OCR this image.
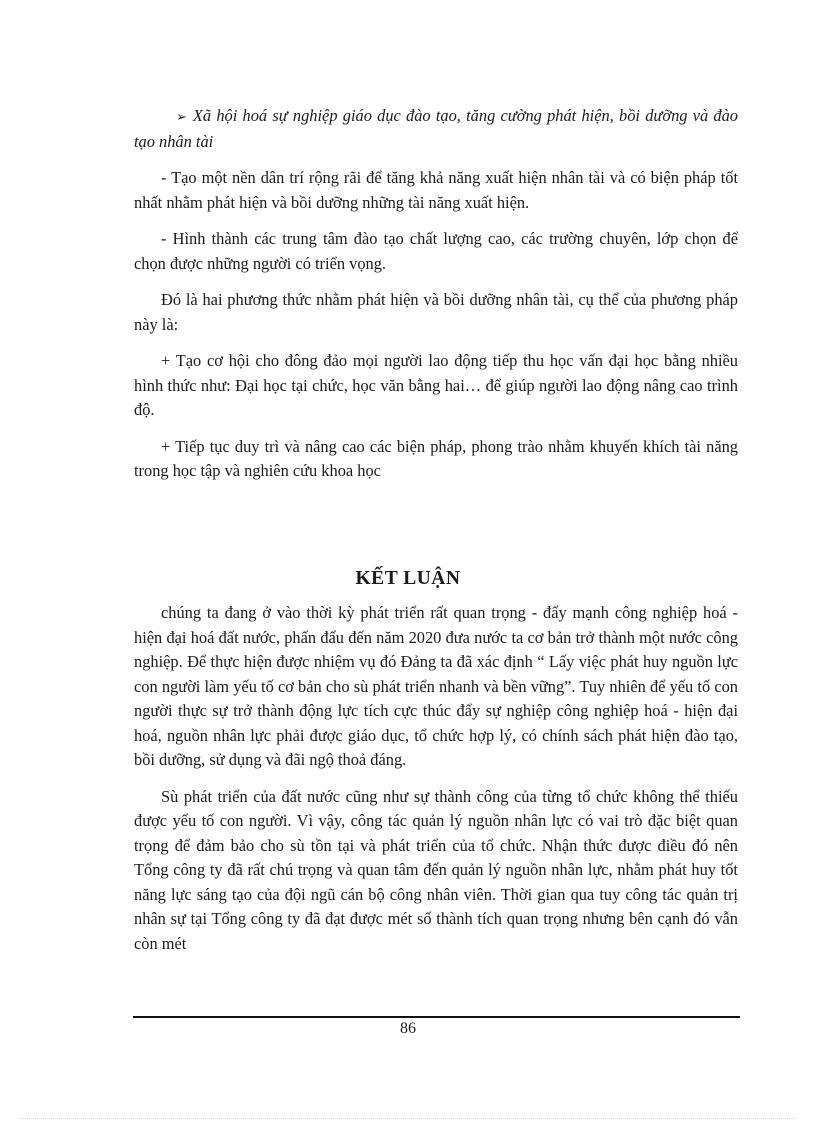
➢ Xã hội hoá sự nghiệp giáo dục đào tạo, tăng cường phát hiện, bồi dưỡng và đào tạo nhân tài

- Tạo một nền dân trí rộng rãi để tăng khả năng xuất hiện nhân tài và có biện pháp tốt nhất nhằm phát hiện và bồi dưỡng những tài năng xuất hiện.

- Hình thành các trung tâm đào tạo chất lượng cao, các trường chuyên, lớp chọn để chọn được những người có triển vọng.

Đó là hai phương thức nhằm phát hiện và bồi dưỡng nhân tài, cụ thể của phương pháp này là:

+ Tạo cơ hội cho đông đảo mọi người lao động tiếp thu học vấn đại học bằng nhiều hình thức như: Đại học tại chức, học văn bằng hai… để giúp người lao động nâng cao trình độ.

+ Tiếp tục duy trì và nâng cao các biện pháp, phong trào nhằm khuyến khích tài năng trong học tập và nghiên cứu khoa học

KẾT LUẬN

chúng ta đang ở vào thời kỳ phát triển rất quan trọng - đẩy mạnh công nghiệp hoá - hiện đại hoá đất nước, phấn đấu đến năm 2020 đưa nước ta cơ bản trở thành một nước công nghiệp. Để thực hiện được nhiệm vụ đó Đảng ta đã xác định “ Lấy việc phát huy nguồn lực con người làm yếu tố cơ bản cho sù phát triển nhanh và bền vững”. Tuy nhiên để yếu tố con người thực sự trở thành động lực tích cực thúc đẩy sự nghiệp công nghiệp hoá - hiện đại hoá, nguồn nhân lực phải được giáo dục, tổ chức hợp lý, có chính sách phát hiện đào tạo, bồi dưỡng, sử dụng và đãi ngộ thoả đáng.

Sù phát triển của đất nước cũng như sự thành công của từng tổ chức không thể thiếu được yếu tố con người. Vì vậy, công tác quản lý nguồn nhân lực có vai trò đặc biệt quan trọng để đảm bảo cho sù tồn tại và phát triển của tổ chức. Nhận thức được điều đó nên Tổng công ty đã rất chú trọng và quan tâm đến quản lý nguồn nhân lực, nhằm phát huy tốt năng lực sáng tạo của đội ngũ cán bộ công nhân viên. Thời gian qua tuy công tác quản trị nhân sự tại Tổng công ty đã đạt được mét số thành tích quan trọng nhưng bên cạnh đó vẫn còn mét

86
